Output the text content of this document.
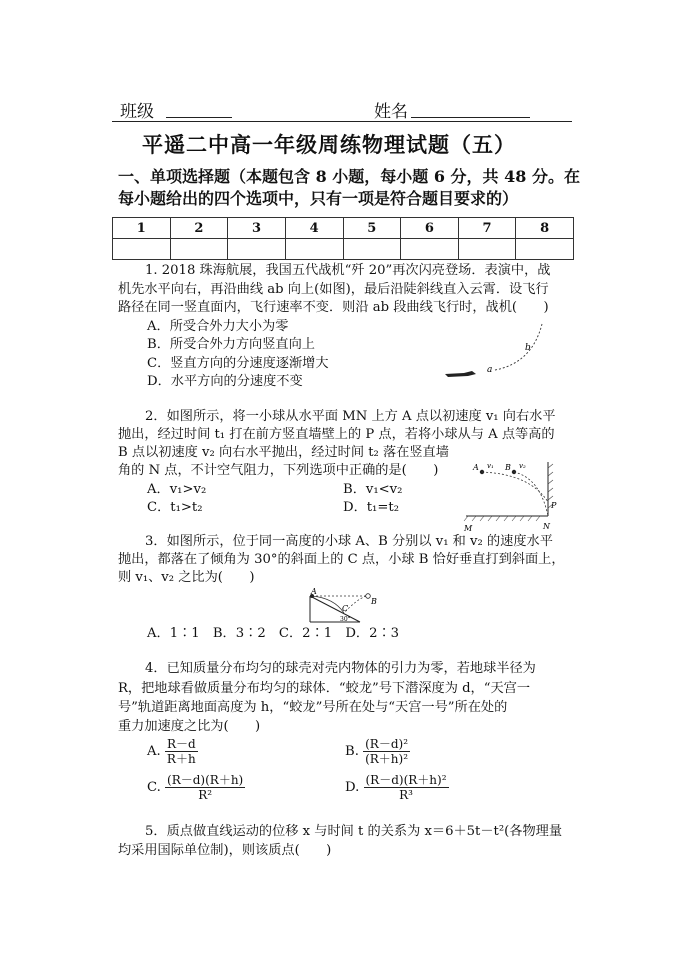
班级	姓名
平遥二中高一年级周练物理试题（五）
一、单项选择题（本题包含 8 小题，每小题 6 分，共 48 分。在
每小题给出的四个选项中，只有一项是符合题目要求的）
1	2	3	4	5	6	7	8

1. 2018 珠海航展，我国五代战机“歼 20”再次闪亮登场．表演中，战
机先水平向右，再沿曲线 ab 向上(如图)，最后沿陡斜线直入云霄．设飞行
路径在同一竖直面内，飞行速率不变．则沿 ab 段曲线飞行时，战机(　　)
A．所受合外力大小为零
B．所受合外力方向竖直向上
C．竖直方向的分速度逐渐增大
D．水平方向的分速度不变
b
a
2．如图所示，将一小球从水平面 MN 上方 A 点以初速度 v₁ 向右水平
抛出，经过时间 t₁ 打在前方竖直墙壁上的 P 点，若将小球从与 A 点等高的
B 点以初速度 v₂ 向右水平抛出，经过时间 t₂ 落在竖直墙
角的 N 点，不计空气阻力，下列选项中正确的是(　　)
A．v₁>v₂	B．v₁<v₂
C．t₁>t₂	D．t₁=t₂
A v₁ B v₂
P
M	N
3．如图所示，位于同一高度的小球 A、B 分别以 v₁ 和 v₂ 的速度水平
抛出，都落在了倾角为 30°的斜面上的 C 点，小球 B 恰好垂直打到斜面上，
则 v₁、v₂ 之比为(　　)
A
B
C
30°
A．1∶1　B．3∶2　C．2∶1　D．2∶3
4．已知质量分布均匀的球壳对壳内物体的引力为零，若地球半径为
R，把地球看做质量分布均匀的球体．“蛟龙”号下潜深度为 d，“天宫一
号”轨道距离地面高度为 h，“蛟龙”号所在处与“天宫一号”所在处的
重力加速度之比为(　　)
A. $\frac{R-d}{R+h}$	B. $\frac{\text{(R－d)²}}{\text{(R＋h)²}}$
C. $\frac{(R-d)(R+h)}{\text{R²}}$	D. $\frac{\text{(R－d)(R＋h)²}}{\text{R³}}$
5．质点做直线运动的位移 x 与时间 t 的关系为 x＝6＋5t－t²(各物理量
均采用国际单位制)，则该质点(　　)
